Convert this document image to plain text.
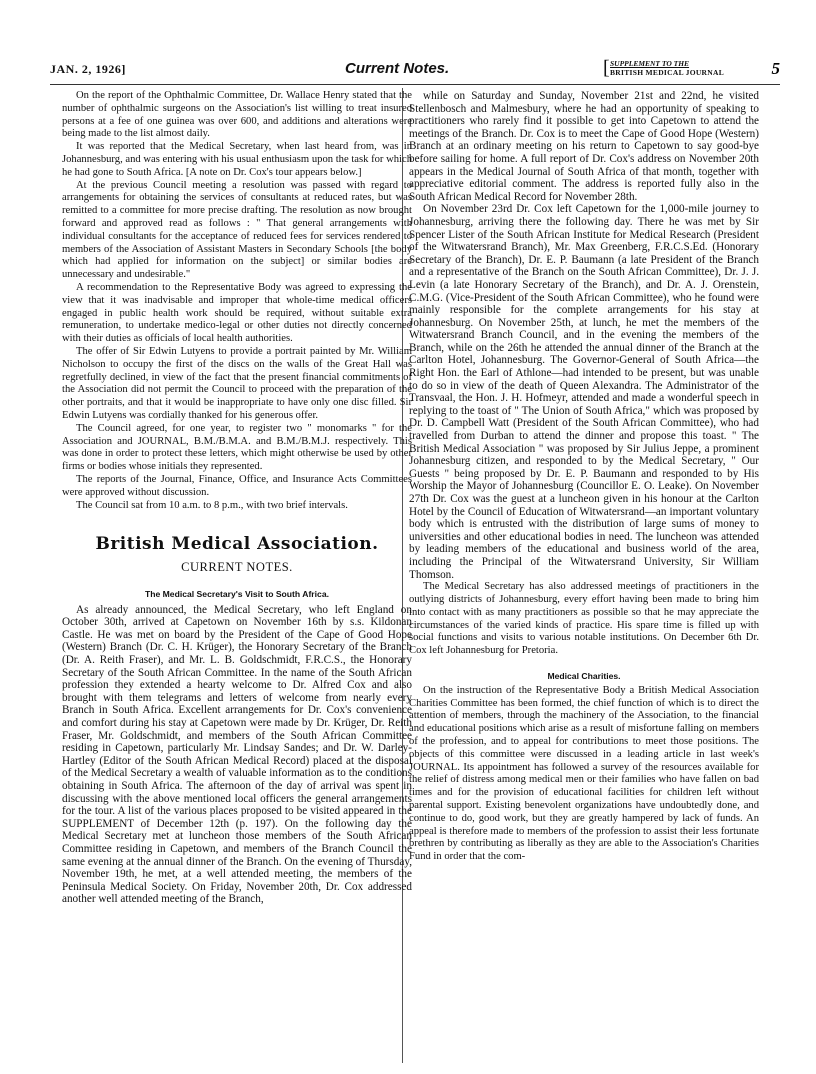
JAN. 2, 1926]	Current Notes.	[ SUPPLEMENT TO THE
BRITISH MEDICAL JOURNAL	5

On the report of the Ophthalmic Committee, Dr. Wallace Henry stated that the number of ophthalmic surgeons on the Association's list willing to treat insured persons at a fee of one guinea was over 600, and additions and alterations were being made to the list almost daily.

It was reported that the Medical Secretary, when last heard from, was in Johannesburg, and was entering with his usual enthusiasm upon the task for which he had gone to South Africa. [A note on Dr. Cox's tour appears below.]

At the previous Council meeting a resolution was passed with regard to arrangements for obtaining the services of consultants at reduced rates, but was remitted to a committee for more precise drafting. The resolution as now brought forward and approved read as follows : " That general arrangements with individual consultants for the acceptance of reduced fees for services rendered to members of the Association of Assistant Masters in Secondary Schools [the body which had applied for information on the subject] or similar bodies are unnecessary and undesirable."

A recommendation to the Representative Body was agreed to expressing the view that it was inadvisable and improper that whole-time medical officers engaged in public health work should be required, without suitable extra remuneration, to undertake medico-legal or other duties not directly concerned with their duties as officials of local health authorities.

The offer of Sir Edwin Lutyens to provide a portrait painted by Mr. William Nicholson to occupy the first of the discs on the walls of the Great Hall was regretfully declined, in view of the fact that the present financial commitments of the Association did not permit the Council to proceed with the preparation of the other portraits, and that it would be inappropriate to have only one disc filled. Sir Edwin Lutyens was cordially thanked for his generous offer.

The Council agreed, for one year, to register two " monomarks " for the Association and JOURNAL, B.M./B.M.A. and B.M./B.M.J. respectively. This was done in order to protect these letters, which might otherwise be used by other firms or bodies whose initials they represented.

The reports of the Journal, Finance, Office, and Insurance Acts Committees were approved without discussion.

The Council sat from 10 a.m. to 8 p.m., with two brief intervals.

British Medical Association.

CURRENT NOTES.

The Medical Secretary's Visit to South Africa.

As already announced, the Medical Secretary, who left England on October 30th, arrived at Capetown on November 16th by s.s. Kildonan Castle. He was met on board by the President of the Cape of Good Hope (Western) Branch (Dr. C. H. Krüger), the Honorary Secretary of the Branch (Dr. A. Reith Fraser), and Mr. L. B. Goldschmidt, F.R.C.S., the Honorary Secretary of the South African Committee. In the name of the South African profession they extended a hearty welcome to Dr. Alfred Cox and also brought with them telegrams and letters of welcome from nearly every Branch in South Africa. Excellent arrangements for Dr. Cox's convenience and comfort during his stay at Capetown were made by Dr. Krüger, Dr. Reith Fraser, Mr. Goldschmidt, and members of the South African Committee residing in Capetown, particularly Mr. Lindsay Sandes; and Dr. W. Darley-Hartley (Editor of the South African Medical Record) placed at the disposal of the Medical Secretary a wealth of valuable information as to the conditions obtaining in South Africa. The afternoon of the day of arrival was spent in discussing with the above mentioned local officers the general arrangements for the tour. A list of the various places proposed to be visited appeared in the SUPPLEMENT of December 12th (p. 197). On the following day the Medical Secretary met at luncheon those members of the South African Committee residing in Capetown, and members of the Branch Council the same evening at the annual dinner of the Branch. On the evening of Thursday, November 19th, he met, at a well attended meeting, the members of the Peninsula Medical Society. On Friday, November 20th, Dr. Cox addressed another well attended meeting of the Branch,

while on Saturday and Sunday, November 21st and 22nd, he visited Stellenbosch and Malmesbury, where he had an opportunity of speaking to practitioners who rarely find it possible to get into Capetown to attend the meetings of the Branch. Dr. Cox is to meet the Cape of Good Hope (Western) Branch at an ordinary meeting on his return to Capetown to say good-bye before sailing for home. A full report of Dr. Cox's address on November 20th appears in the Medical Journal of South Africa of that month, together with appreciative editorial comment. The address is reported fully also in the South African Medical Record for November 28th.

On November 23rd Dr. Cox left Capetown for the 1,000-mile journey to Johannesburg, arriving there the following day. There he was met by Sir Spencer Lister of the South African Institute for Medical Research (President of the Witwatersrand Branch), Mr. Max Greenberg, F.R.C.S.Ed. (Honorary Secretary of the Branch), Dr. E. P. Baumann (a late President of the Branch and a representative of the Branch on the South African Committee), Dr. J. J. Levin (a late Honorary Secretary of the Branch), and Dr. A. J. Orenstein, C.M.G. (Vice-President of the South African Committee), who he found were mainly responsible for the complete arrangements for his stay at Johannesburg. On November 25th, at lunch, he met the members of the Witwatersrand Branch Council, and in the evening the members of the Branch, while on the 26th he attended the annual dinner of the Branch at the Carlton Hotel, Johannesburg. The Governor-General of South Africa—the Right Hon. the Earl of Athlone—had intended to be present, but was unable to do so in view of the death of Queen Alexandra. The Administrator of the Transvaal, the Hon. J. H. Hofmeyr, attended and made a wonderful speech in replying to the toast of " The Union of South Africa," which was proposed by Dr. D. Campbell Watt (President of the South African Committee), who had travelled from Durban to attend the dinner and propose this toast. " The British Medical Association " was proposed by Sir Julius Jeppe, a prominent Johannesburg citizen, and responded to by the Medical Secretary, " Our Guests " being proposed by Dr. E. P. Baumann and responded to by His Worship the Mayor of Johannesburg (Councillor E. O. Leake). On November 27th Dr. Cox was the guest at a luncheon given in his honour at the Carlton Hotel by the Council of Education of Witwatersrand—an important voluntary body which is entrusted with the distribution of large sums of money to universities and other educational bodies in need. The luncheon was attended by leading members of the educational and business world of the area, including the Principal of the Witwatersrand University, Sir William Thomson.

The Medical Secretary has also addressed meetings of practitioners in the outlying districts of Johannesburg, every effort having been made to bring him into contact with as many practitioners as possible so that he may appreciate the circumstances of the varied kinds of practice. His spare time is filled up with social functions and visits to various notable institutions. On December 6th Dr. Cox left Johannesburg for Pretoria.

Medical Charities.

On the instruction of the Representative Body a British Medical Association Charities Committee has been formed, the chief function of which is to direct the attention of members, through the machinery of the Association, to the financial and educational positions which arise as a result of misfortune falling on members of the profession, and to appeal for contributions to meet those positions. The objects of this committee were discussed in a leading article in last week's JOURNAL. Its appointment has followed a survey of the resources available for the relief of distress among medical men or their families who have fallen on bad times and for the provision of educational facilities for children left without parental support. Existing benevolent organizations have undoubtedly done, and continue to do, good work, but they are greatly hampered by lack of funds. An appeal is therefore made to members of the profession to assist their less fortunate brethren by contributing as liberally as they are able to the Association's Charities Fund in order that the com-
